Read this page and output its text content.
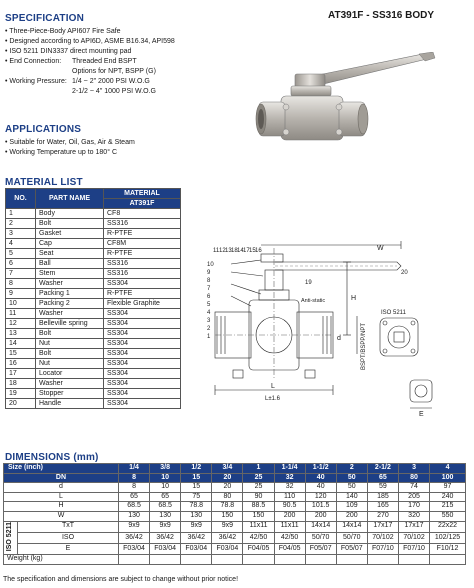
SPECIFICATION	AT391F - SS316 BODY
• Three-Piece-Body API607 Fire Safe
• Designed according to API6D, ASME B16.34, API598
• ISO 5211 DIN3337 direct mounting pad
• End Connection: Threaded End BSPT
Options for NPT, BSPP (G)
• Working Pressure: 1/4 ~ 2" 2000 PSI W.O.G
2-1/2 ~ 4" 1000 PSI W.O.G
APPLICATIONS
• Suitable for Water, Oil, Gas, Air & Steam
• Working Temperature up to 180° C
MATERIAL LIST
NO.	PART NAME	MATERIAL
		AT391F
1	Body	CF8
2	Bolt	SS316
3	Gasket	R-PTFE
4	Cap	CF8M
5	Seat	R-PTFE
6	Ball	SS316
7	Stem	SS316
8	Washer	SS304
9	Packing 1	R-PTFE
10	Packing 2	Flexible Graphite
11	Washer	SS304
12	Belleville spring	SS304
13	Bolt	SS304
14	Nut	SS304
15	Bolt	SS304
16	Nut	SS304
17	Locator	SS304
18	Washer	SS304
19	Stopper	SS304
20	Handle	SS304
16
15
17
14
18
13
12
11
10
9
8
7
6
5
4
3
2
1
19
20
W
H
Anti-static
ISO 5211
BSPT/BSPP/NPT
L
d
L±1.6
E
DIMENSIONS (mm)
Size (inch)		1/4	3/8	1/2	3/4	1	1-1/4	1-1/2	2	2-1/2	3	4
DN		8	10	15	20	25	32	40	50	65	80	100
d		8	10	15	20	25	32	40	50	59	74	97
L		65	65	75	80	90	110	120	140	185	205	240
H		68.5	68.5	78.8	78.8	88.5	90.5	101.5	109	165	170	215
W		130	130	130	150	150	200	200	200	270	320	550
ISO 5211	TxT	9x9	9x9	9x9	9x9	11x11	11x11	14x14	14x14	17x17	17x17	22x22
	ISO	36/42	36/42	36/42	36/42	42/50	42/50	50/70	50/70	70/102	70/102	102/125
	E	F03/04	F03/04	F03/04	F03/04	F04/05	F04/05	F05/07	F05/07	F07/10	F07/10	F10/12
Weight (kg)												
The specification and dimensions are subject to change without prior notice!
